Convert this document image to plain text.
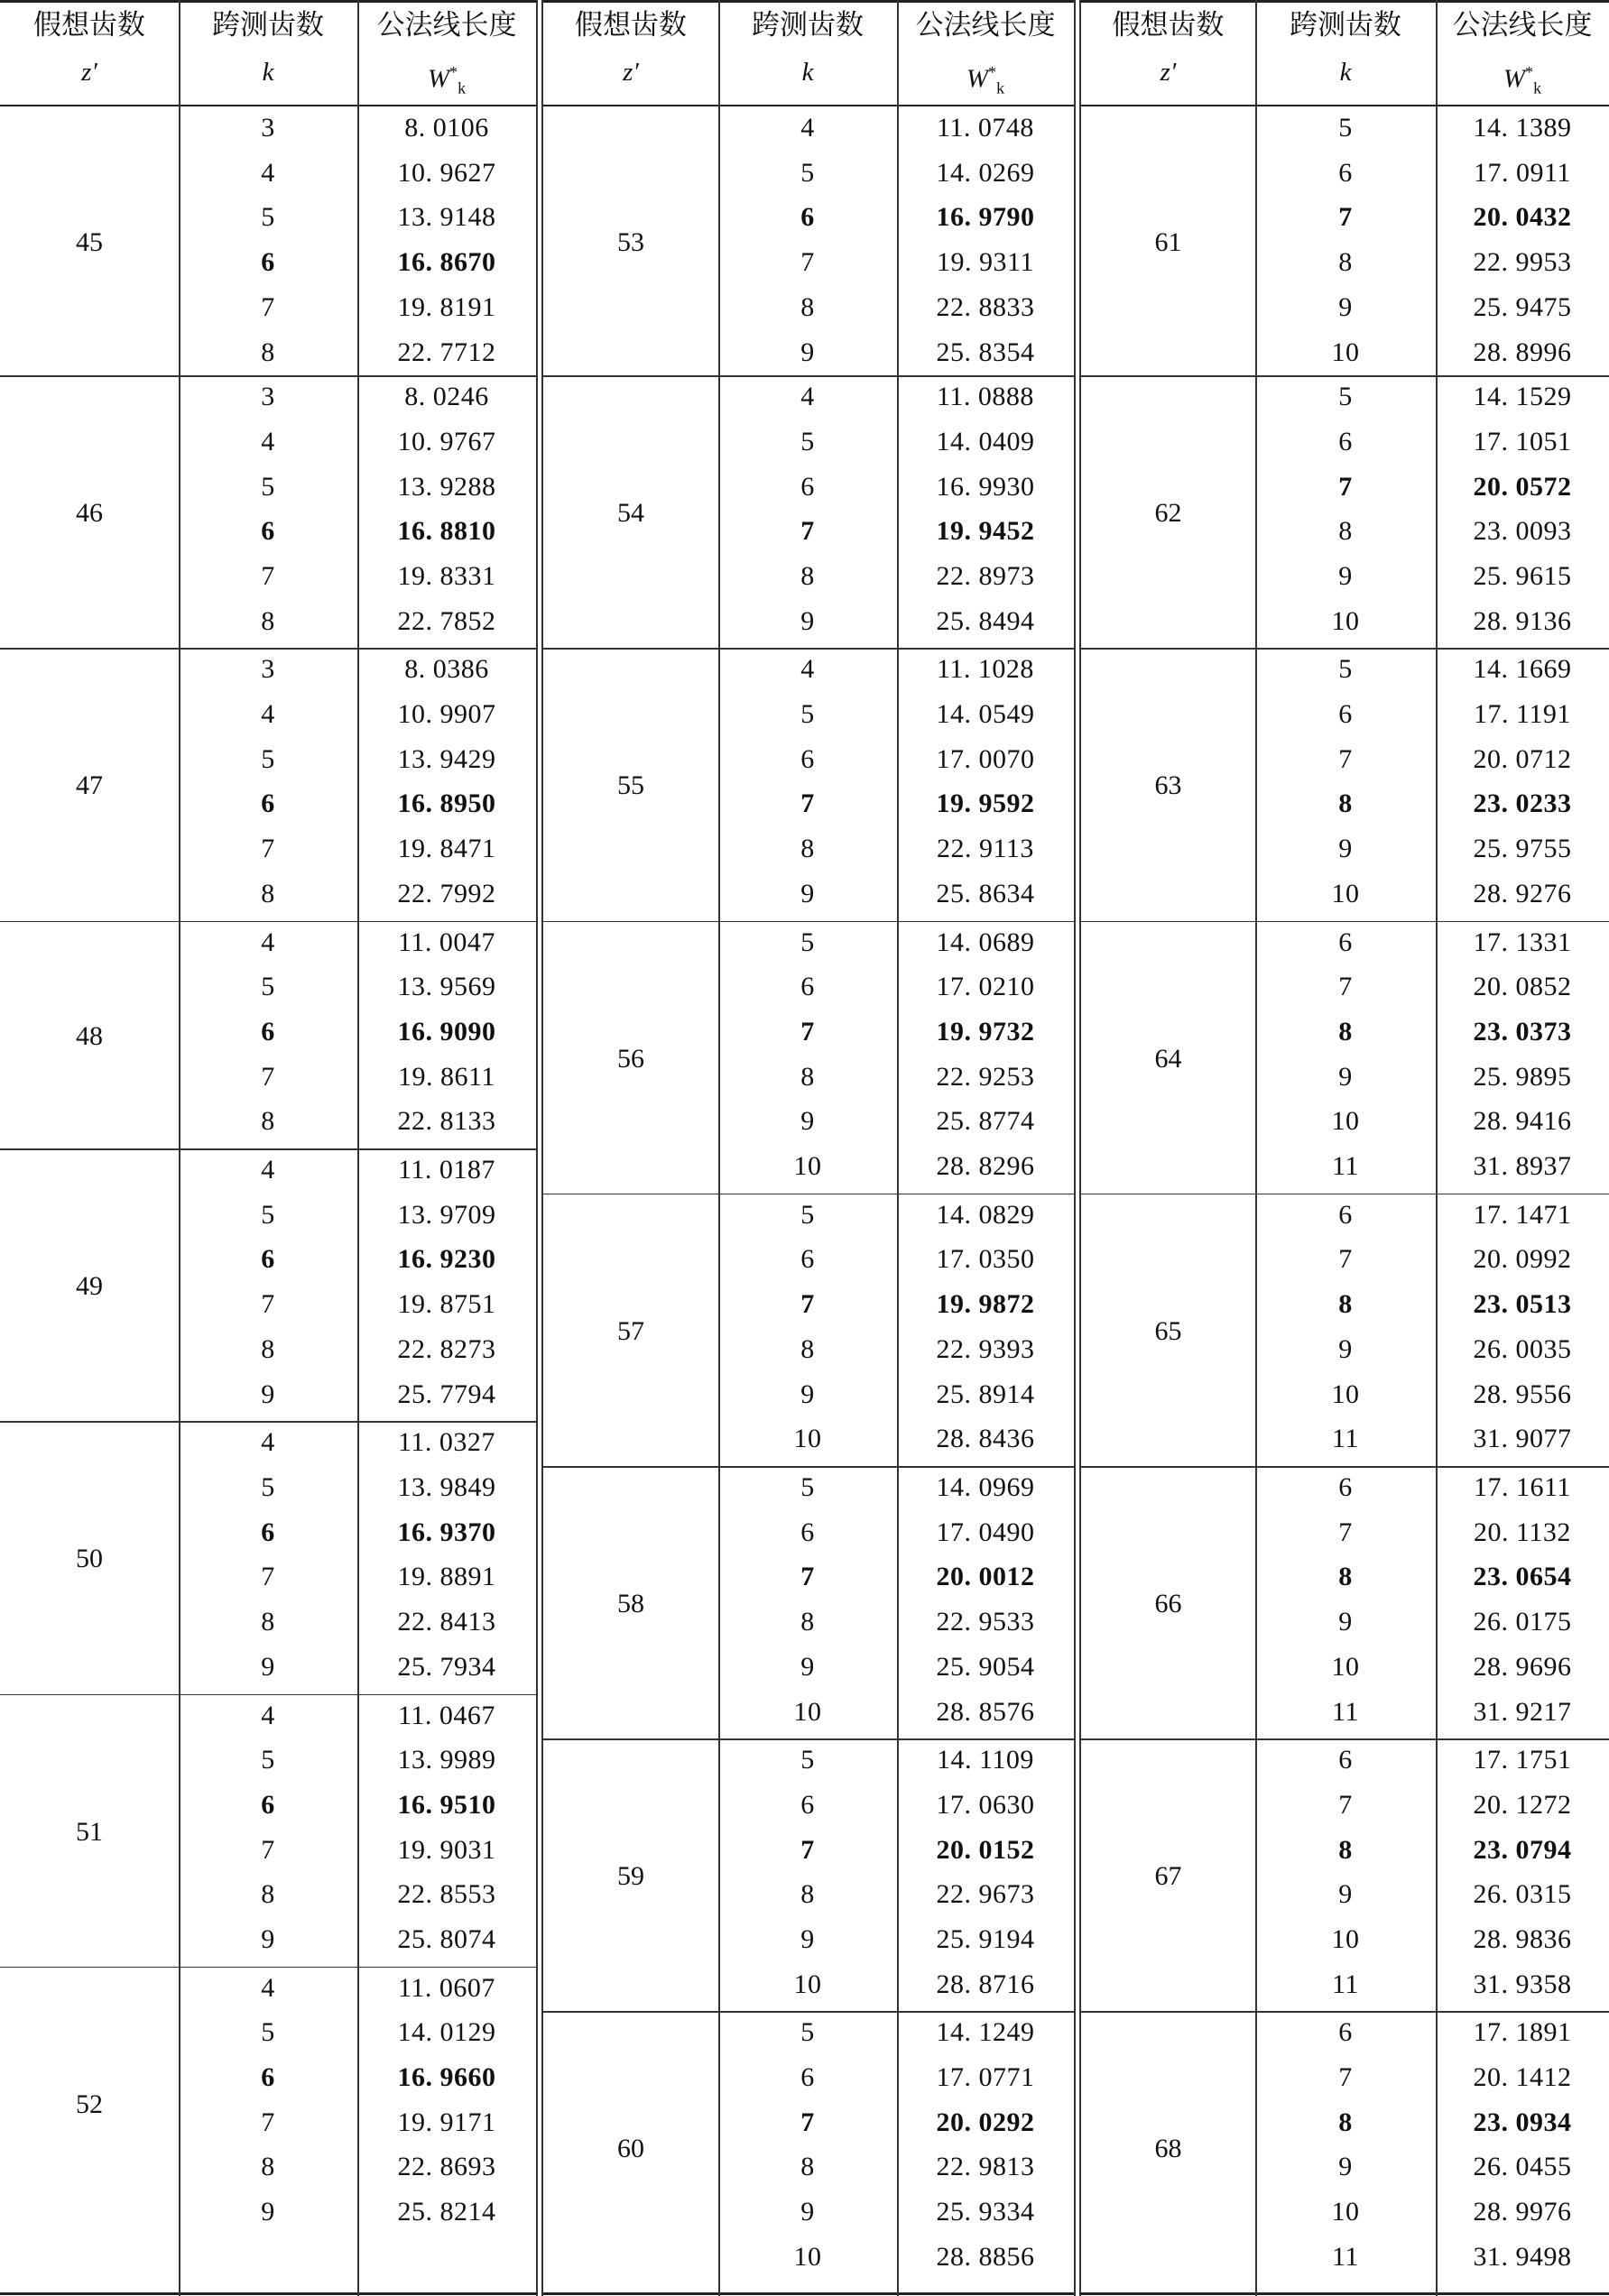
假想齿数
z′
跨测齿数
k
公法线长度
$W^*_k$
45
3	8. 0106
4	10. 9627
5	13. 9148
6	16. 8670
7	19. 8191
8	22. 7712
46
3	8. 0246
4	10. 9767
5	13. 9288
6	16. 8810
7	19. 8331
8	22. 7852
47
3	8. 0386
4	10. 9907
5	13. 9429
6	16. 8950
7	19. 8471
8	22. 7992
48
4	11. 0047
5	13. 9569
6	16. 9090
7	19. 8611
8	22. 8133
49
4	11. 0187
5	13. 9709
6	16. 9230
7	19. 8751
8	22. 8273
9	25. 7794
50
4	11. 0327
5	13. 9849
6	16. 9370
7	19. 8891
8	22. 8413
9	25. 7934
51
4	11. 0467
5	13. 9989
6	16. 9510
7	19. 9031
8	22. 8553
9	25. 8074
52
4	11. 0607
5	14. 0129
6	16. 9660
7	19. 9171
8	22. 8693
9	25. 8214
假想齿数
z′
跨测齿数
k
公法线长度
$W^*_k$
53
4	11. 0748
5	14. 0269
6	16. 9790
7	19. 9311
8	22. 8833
9	25. 8354
54
4	11. 0888
5	14. 0409
6	16. 9930
7	19. 9452
8	22. 8973
9	25. 8494
55
4	11. 1028
5	14. 0549
6	17. 0070
7	19. 9592
8	22. 9113
9	25. 8634
56
5	14. 0689
6	17. 0210
7	19. 9732
8	22. 9253
9	25. 8774
10	28. 8296
57
5	14. 0829
6	17. 0350
7	19. 9872
8	22. 9393
9	25. 8914
10	28. 8436
58
5	14. 0969
6	17. 0490
7	20. 0012
8	22. 9533
9	25. 9054
10	28. 8576
59
5	14. 1109
6	17. 0630
7	20. 0152
8	22. 9673
9	25. 9194
10	28. 8716
60
5	14. 1249
6	17. 0771
7	20. 0292
8	22. 9813
9	25. 9334
10	28. 8856
假想齿数
z′
跨测齿数
k
公法线长度
$W^*_k$
61
5	14. 1389
6	17. 0911
7	20. 0432
8	22. 9953
9	25. 9475
10	28. 8996
62
5	14. 1529
6	17. 1051
7	20. 0572
8	23. 0093
9	25. 9615
10	28. 9136
63
5	14. 1669
6	17. 1191
7	20. 0712
8	23. 0233
9	25. 9755
10	28. 9276
64
6	17. 1331
7	20. 0852
8	23. 0373
9	25. 9895
10	28. 9416
11	31. 8937
65
6	17. 1471
7	20. 0992
8	23. 0513
9	26. 0035
10	28. 9556
11	31. 9077
66
6	17. 1611
7	20. 1132
8	23. 0654
9	26. 0175
10	28. 9696
11	31. 9217
67
6	17. 1751
7	20. 1272
8	23. 0794
9	26. 0315
10	28. 9836
11	31. 9358
68
6	17. 1891
7	20. 1412
8	23. 0934
9	26. 0455
10	28. 9976
11	31. 9498
